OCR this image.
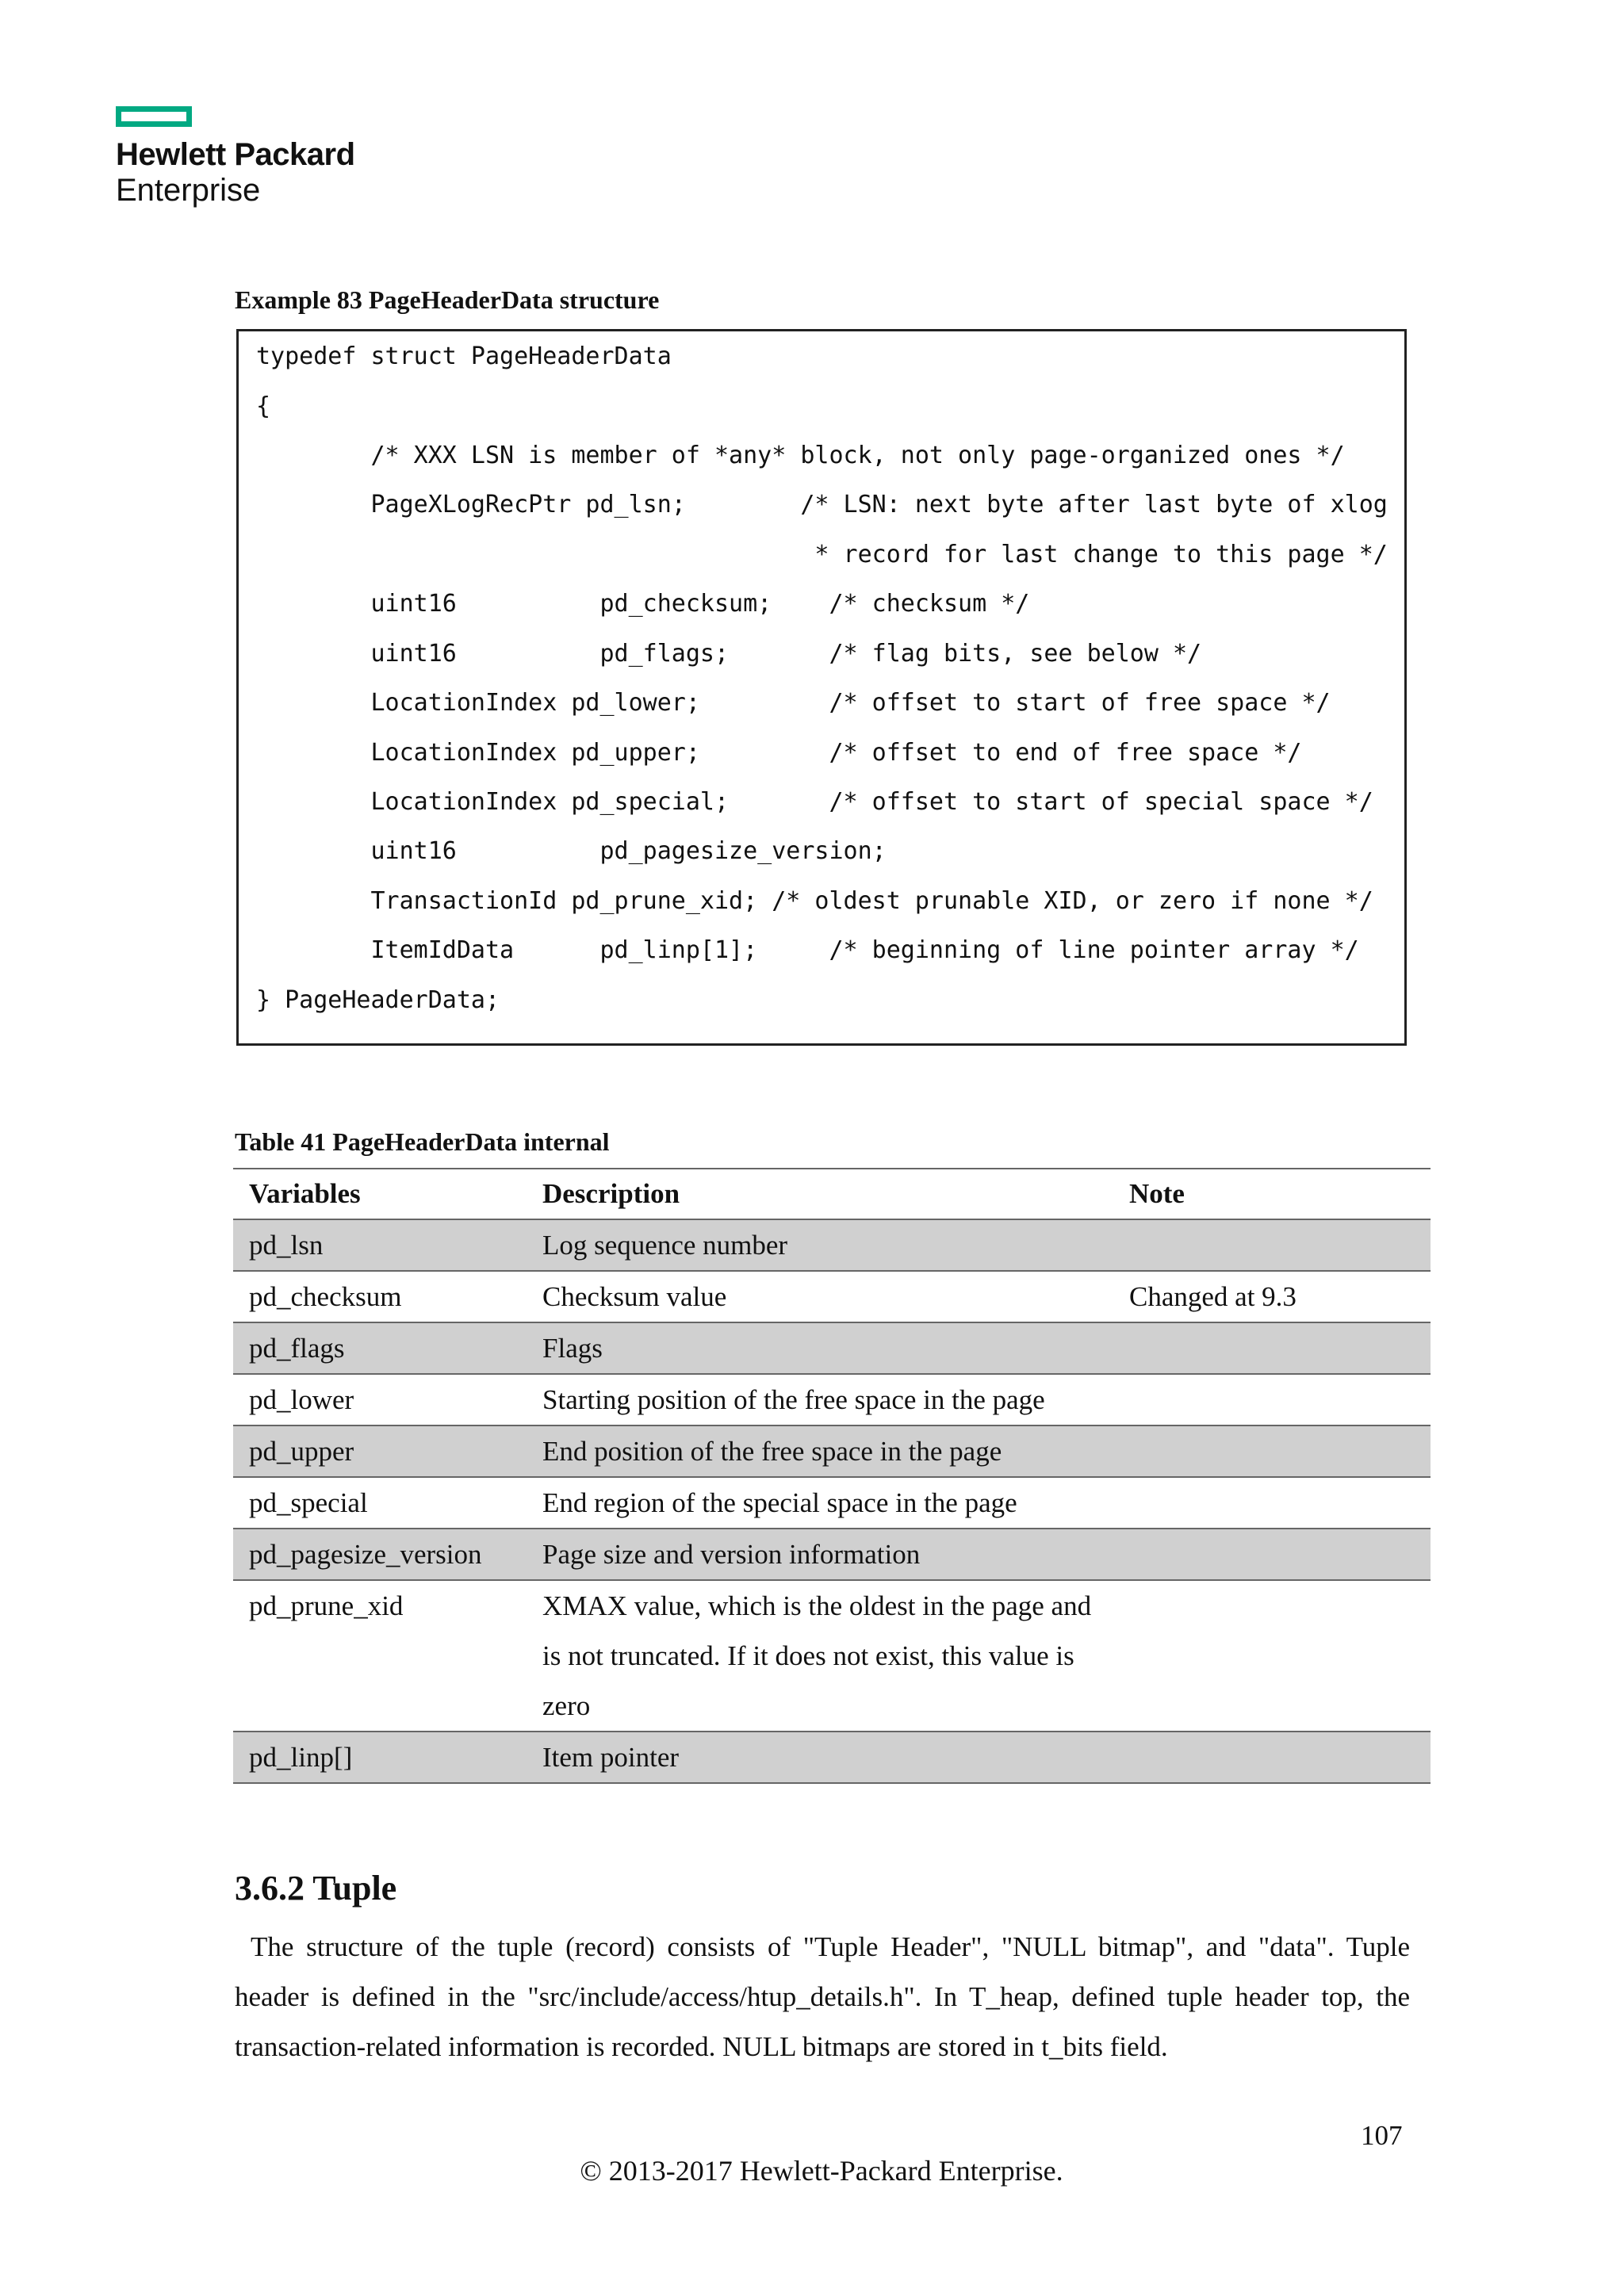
Hewlett Packard
Enterprise
Example 83 PageHeaderData structure
typedef struct PageHeaderData
{
/* XXX LSN is member of *any* block, not only page-organized ones */
PageXLogRecPtr pd_lsn;        /* LSN: next byte after last byte of xlog
* record for last change to this page */
uint16          pd_checksum;    /* checksum */
uint16          pd_flags;       /* flag bits, see below */
LocationIndex pd_lower;         /* offset to start of free space */
LocationIndex pd_upper;         /* offset to end of free space */
LocationIndex pd_special;       /* offset to start of special space */
uint16          pd_pagesize_version;
TransactionId pd_prune_xid; /* oldest prunable XID, or zero if none */
ItemIdData      pd_linp[1];     /* beginning of line pointer array */
} PageHeaderData;
Table 41 PageHeaderData internal
Variables	Description	Note
pd_lsn	Log sequence number	
pd_checksum	Checksum value	Changed at 9.3
pd_flags	Flags	
pd_lower	Starting position of the free space in the page	
pd_upper	End position of the free space in the page	
pd_special	End region of the special space in the page	
pd_pagesize_version	Page size and version information	
pd_prune_xid	XMAX value, which is the oldest in the page and
is not truncated. If it does not exist, this value is
zero	

pd_linp[]	Item pointer	
3.6.2 Tuple
The structure of the tuple (record) consists of "Tuple Header", "NULL bitmap", and "data". Tuple header is defined in the "src/include/access/htup_details.h". In T_heap, defined tuple header top, the transaction-related information is recorded. NULL bitmaps are stored in t_bits field.
107
© 2013-2017 Hewlett-Packard Enterprise.
